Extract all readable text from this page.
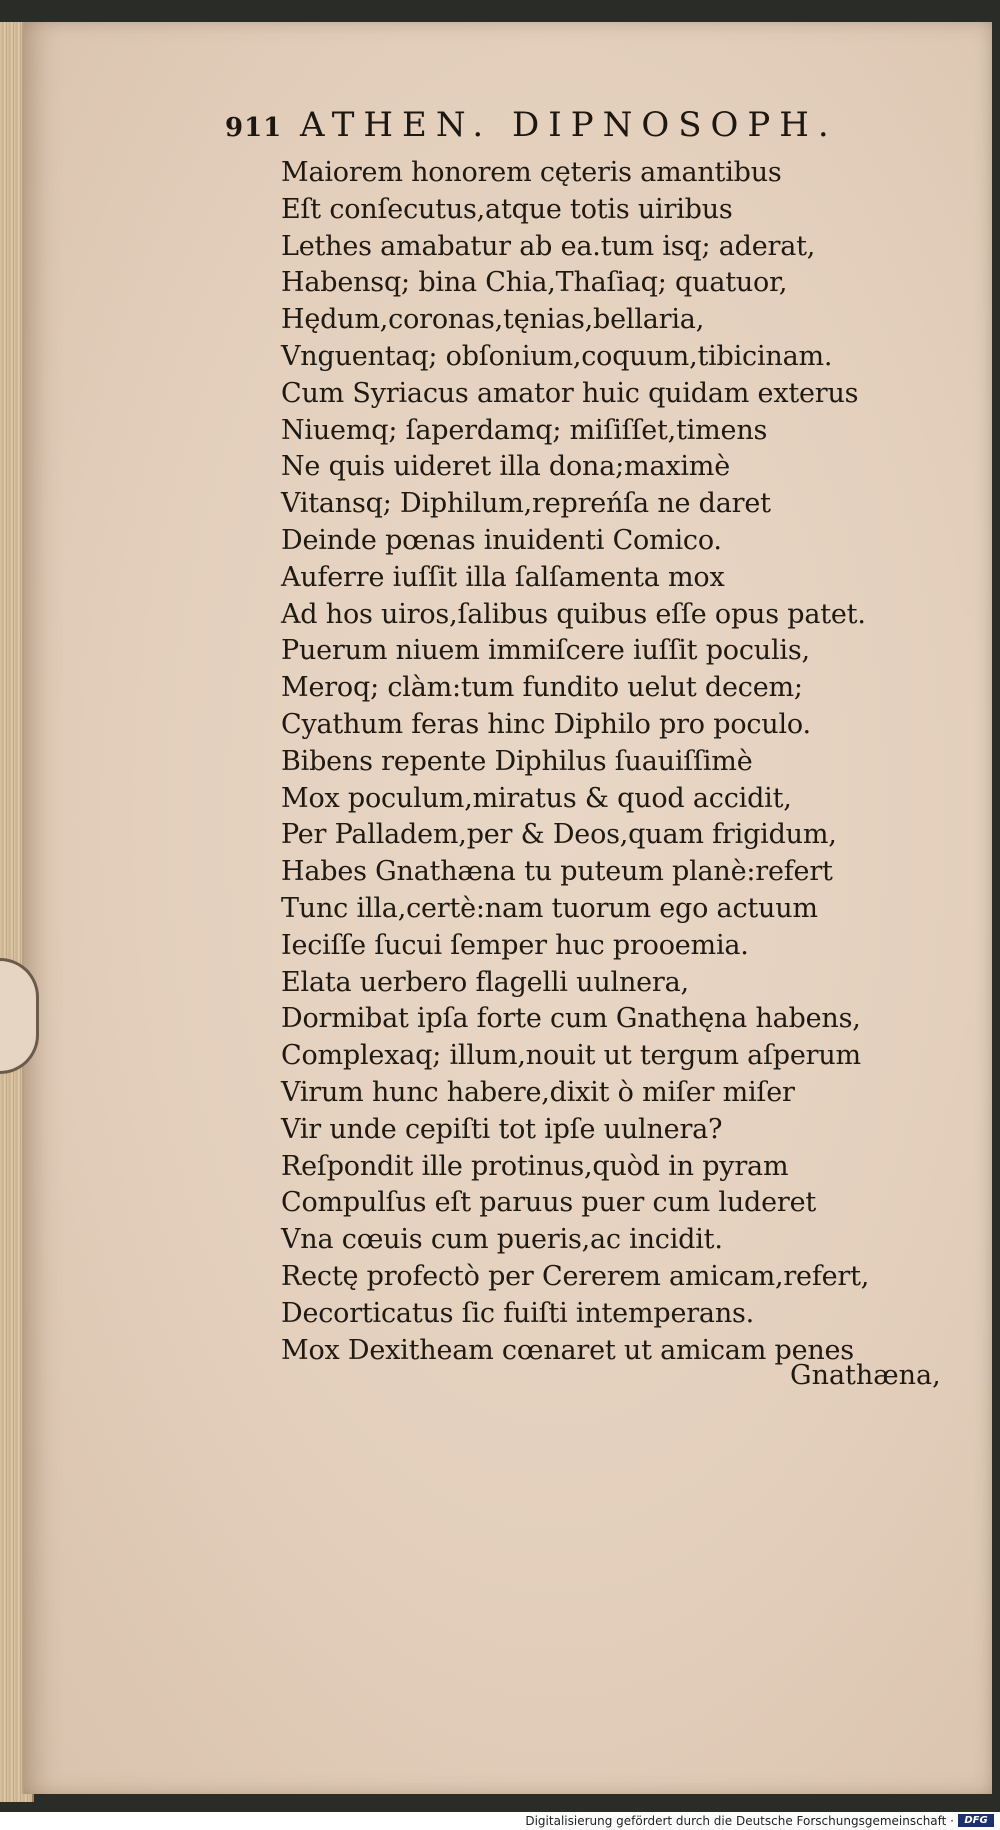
911 ATHEN. DIPNOSOPH.
Maiorem honorem cęteris amantibus
Eſt conſecutus,atque totis uiribus
Lethes amabatur ab ea.tum isq; aderat,
Habensq; bina Chia,Thaſiaq; quatuor,
Hędum,coronas,tęnias,bellaria,
Vnguentaq; obſonium,coquum,tibicinam.
Cum Syriacus amator huic quidam exterus
Niuemq; ſaperdamq; miſiſſet,timens
Ne quis uideret illa dona;maximè
Vitansq; Diphilum,repreńſa ne daret
Deinde pœnas inuidenti Comico.
Auferre iuſſit illa ſalſamenta mox
Ad hos uiros,ſalibus quibus eſſe opus patet.
Puerum niuem immiſcere iuſſit poculis,
Meroq; clàm:tum fundito uelut decem;
Cyathum feras hinc Diphilo pro poculo.
Bibens repente Diphilus ſuauiſſimè
Mox poculum,miratus & quod accidit,
Per Palladem,per & Deos,quam frigidum,
Habes Gnathæna tu puteum planè:refert
Tunc illa,certè:nam tuorum ego actuum
Ieciſſe ſucui ſemper huc prooemia.
Elata uerbero flagelli uulnera,
Dormibat ipſa forte cum Gnathęna habens,
Complexaq; illum,nouit ut tergum aſperum
Virum hunc habere,dixit ò miſer miſer
Vir unde cepiſti tot ipſe uulnera?
Reſpondit ille protinus,quòd in pyram
Compulſus eſt paruus puer cum luderet
Vna cœuis cum pueris,ac incidit.
Rectę profectò per Cererem amicam,refert,
Decorticatus ſic fuiſti intemperans.
Mox Dexitheam cœnaret ut amicam penes
Gnathæna,
Digitalisierung gefördert durch die Deutsche Forschungsgemeinschaft ·	DFG
